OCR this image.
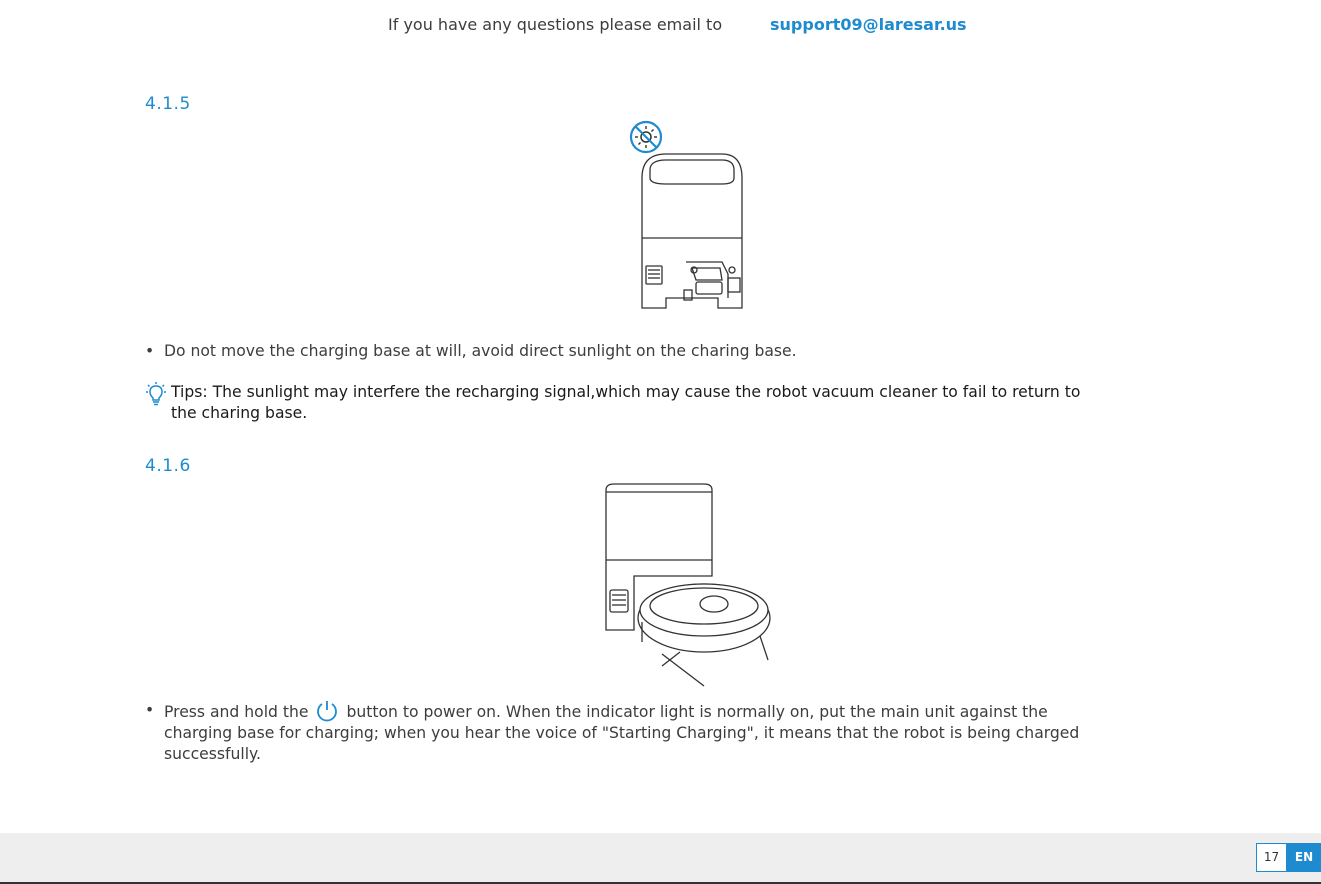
4.1.5
• Do not move the charging base at will, avoid direct sunlight on the charing base.
Tips: The sunlight may interfere the recharging signal,which may cause the robot vacuum cleaner to fail to return to
the charing base.
4.1.6
• Press and hold the button to power on. When the indicator light is normally on, put the main unit against the
charging base for charging; when you hear the voice of "Starting Charging", it means that the robot is being charged
successfully.
If you have any questions please email to	support09@laresar.us
17	EN
